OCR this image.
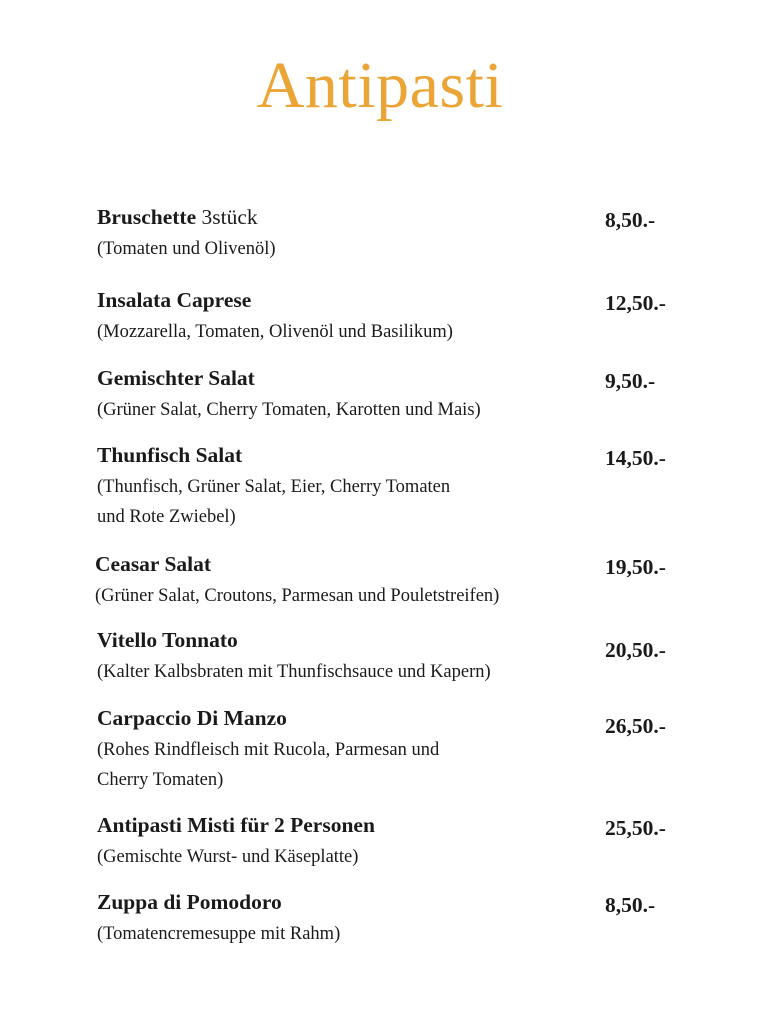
Antipasti
Bruschette 3stück
(Tomaten und Olivenöl)
8,50.-
Insalata Caprese
(Mozzarella, Tomaten, Olivenöl und Basilikum)
12,50.-
Gemischter Salat
(Grüner Salat, Cherry Tomaten, Karotten und Mais)
9,50.-
Thunfisch Salat
(Thunfisch, Grüner Salat, Eier, Cherry Tomaten
und Rote Zwiebel)
14,50.-
Ceasar Salat
(Grüner Salat, Croutons, Parmesan und Pouletstreifen)
19,50.-
Vitello Tonnato
(Kalter Kalbsbraten mit Thunfischsauce und Kapern)
20,50.-
Carpaccio Di Manzo
(Rohes Rindfleisch mit Rucola, Parmesan und
Cherry Tomaten)
26,50.-
Antipasti Misti für 2 Personen
(Gemischte Wurst- und Käseplatte)
25,50.-
Zuppa di Pomodoro
(Tomatencremesuppe mit Rahm)
8,50.-
